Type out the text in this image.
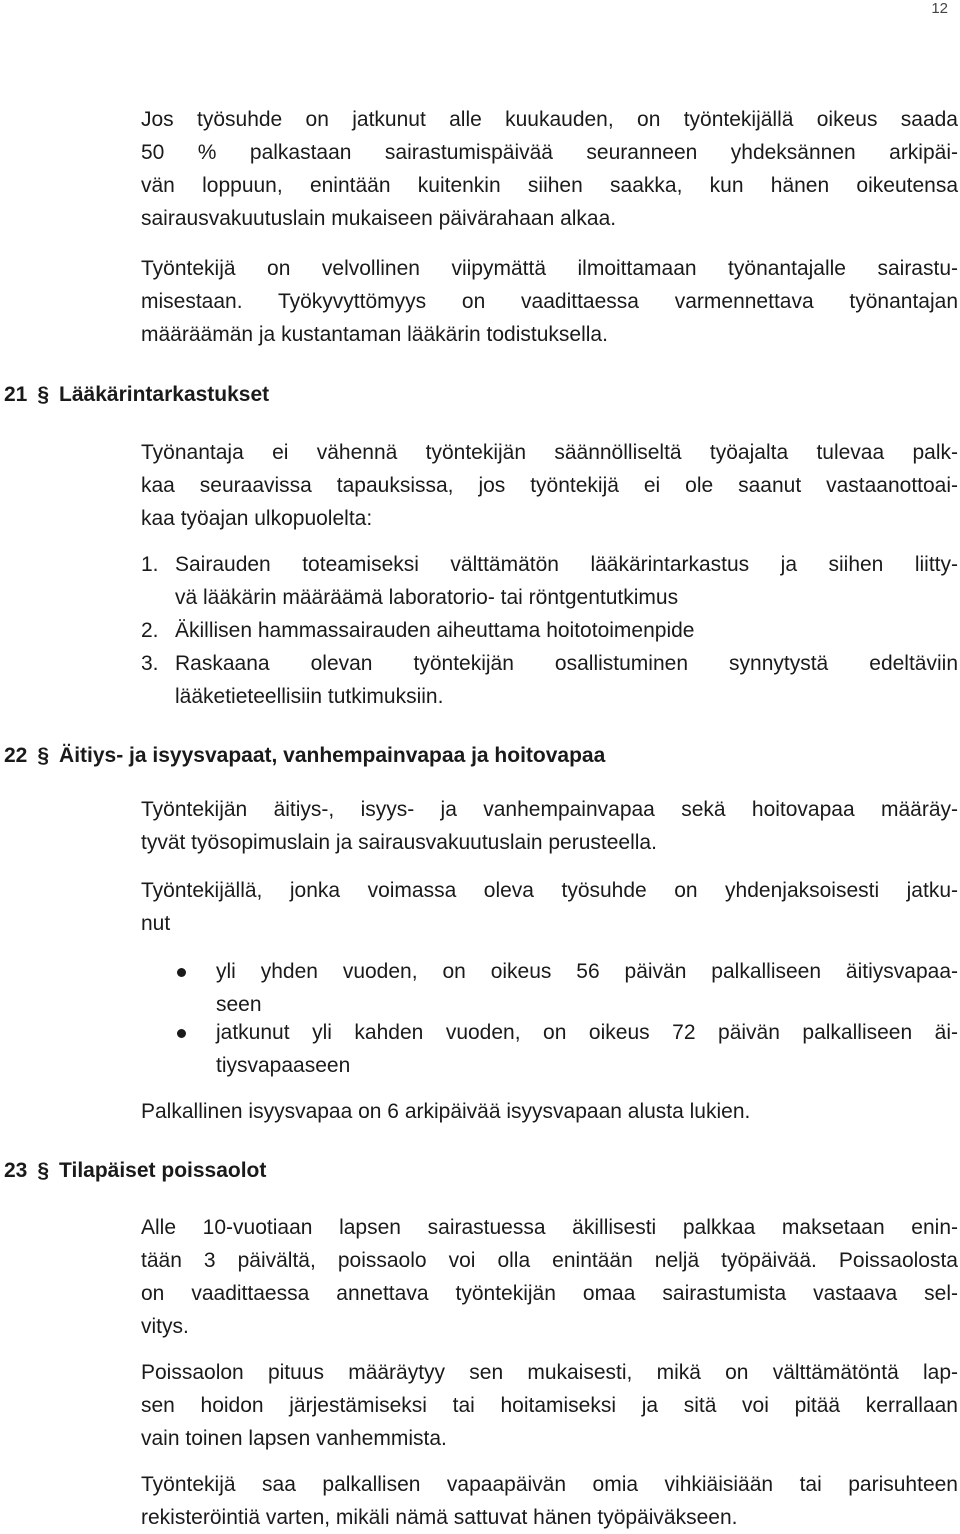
12
Jos työsuhde on jatkunut alle kuukauden, on työntekijällä oikeus saada
50 % palkastaan sairastumispäivää seuranneen yhdeksännen arkipäi-
vän loppuun, enintään kuitenkin siihen saakka, kun hänen oikeutensa
sairausvakuutuslain mukaiseen päivärahaan alkaa.
Työntekijä on velvollinen viipymättä ilmoittamaan työnantajalle sairastu-
misestaan. Työkyvyttömyys on vaadittaessa varmennettava työnantajan
määräämän ja kustantaman lääkärin todistuksella.
21 § Lääkärintarkastukset
Työnantaja ei vähennä työntekijän säännölliseltä työajalta tulevaa palk-
kaa seuraavissa tapauksissa, jos työntekijä ei ole saanut vastaanottoai-
kaa työajan ulkopuolelta:
1. Sairauden toteamiseksi välttämätön lääkärintarkastus ja siihen liitty-
vä lääkärin määräämä laboratorio- tai röntgentutkimus
2. Äkillisen hammassairauden aiheuttama hoitotoimenpide
3. Raskaana olevan työntekijän osallistuminen synnytystä edeltäviin
lääketieteellisiin tutkimuksiin.
22 § Äitiys- ja isyysvapaat, vanhempainvapaa ja hoitovapaa
Työntekijän äitiys-, isyys- ja vanhempainvapaa sekä hoitovapaa määräy-
tyvät työsopimuslain ja sairausvakuutuslain perusteella.
Työntekijällä, jonka voimassa oleva työsuhde on yhdenjaksoisesti jatku-
nut
yli yhden vuoden, on oikeus 56 päivän palkalliseen äitiysvapaa-
seen
jatkunut yli kahden vuoden, on oikeus 72 päivän palkalliseen äi-
tiysvapaaseen
Palkallinen isyysvapaa on 6 arkipäivää isyysvapaan alusta lukien.
23 § Tilapäiset poissaolot
Alle 10-vuotiaan lapsen sairastuessa äkillisesti palkkaa maksetaan enin-
tään 3 päivältä, poissaolo voi olla enintään neljä työpäivää. Poissaolosta
on vaadittaessa annettava työntekijän omaa sairastumista vastaava sel-
vitys.
Poissaolon pituus määräytyy sen mukaisesti, mikä on välttämätöntä lap-
sen hoidon järjestämiseksi tai hoitamiseksi ja sitä voi pitää kerrallaan
vain toinen lapsen vanhemmista.
Työntekijä saa palkallisen vapaapäivän omia vihkiäisiään tai parisuhteen
rekisteröintiä varten, mikäli nämä sattuvat hänen työpäiväkseen.
